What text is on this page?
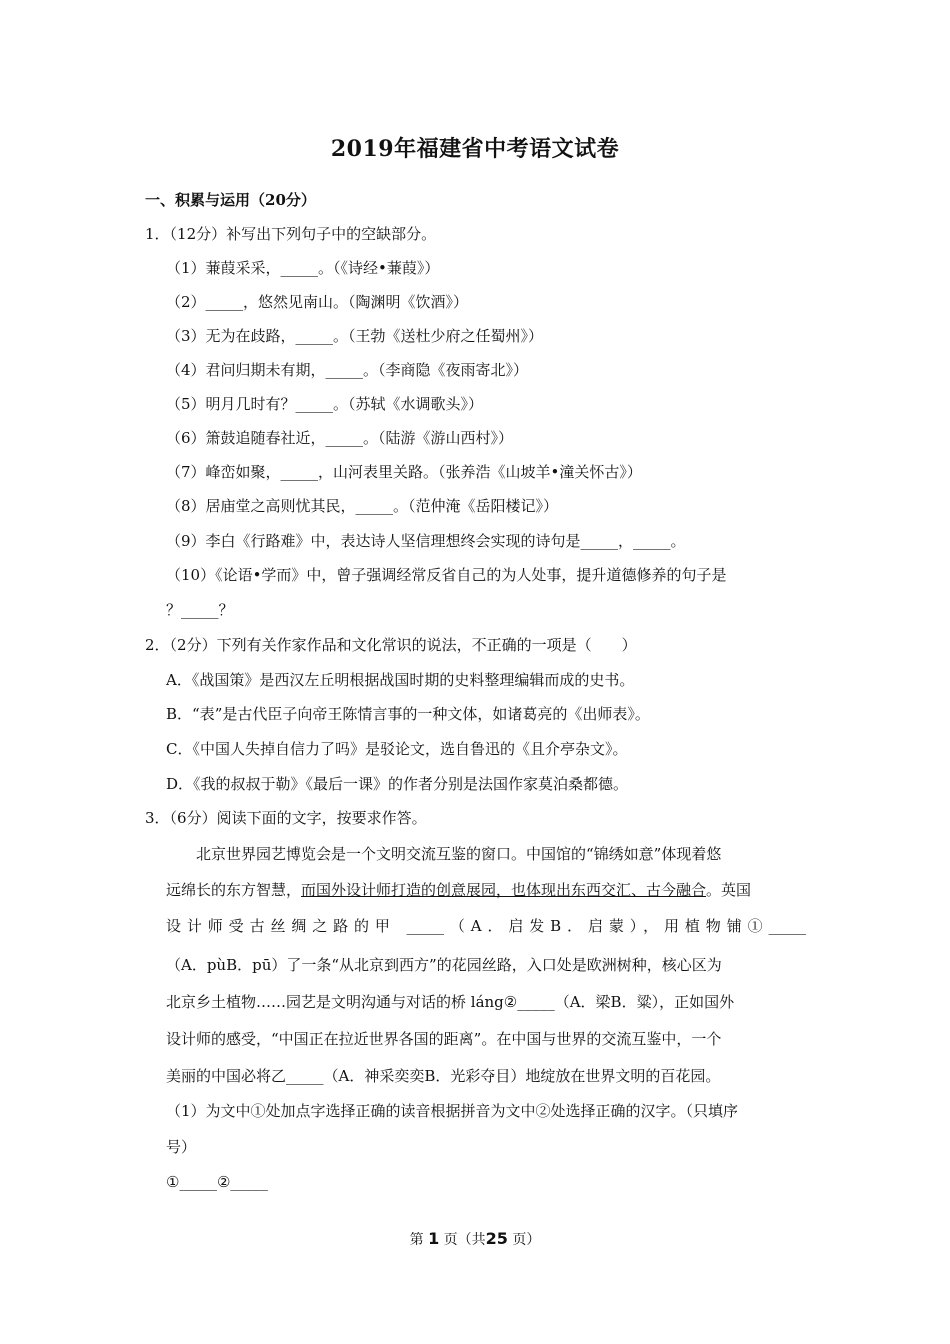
2019年福建省中考语文试卷
一、积累与运用（20分）
1．（12分）补写出下列句子中的空缺部分。
（1）蒹葭采采，_____。（《诗经•蒹葭》）
（2）_____，悠然见南山。（陶渊明《饮酒》）
（3）无为在歧路，_____。（王勃《送杜少府之任蜀州》）
（4）君问归期未有期，_____。（李商隐《夜雨寄北》）
（5）明月几时有？_____。（苏轼《水调歌头》）
（6）箫鼓追随春社近，_____。（陆游《游山西村》）
（7）峰峦如聚，_____，山河表里关路。（张养浩《山坡羊•潼关怀古》）
（8）居庙堂之高则忧其民，_____。（范仲淹《岳阳楼记》）
（9）李白《行路难》中，表达诗人坚信理想终会实现的诗句是_____，_____。
（10）《论语•学而》中，曾子强调经常反省自己的为人处事，提升道德修养的句子是
？_____？
2．（2分）下列有关作家作品和文化常识的说法，不正确的一项是（　　）
A．《战国策》是西汉左丘明根据战国时期的史料整理编辑而成的史书。
B．“表”是古代臣子向帝王陈情言事的一种文体，如诸葛亮的《出师表》。
C．《中国人失掉自信力了吗》是驳论文，选自鲁迅的《且介亭杂文》。
D．《我的叔叔于勒》《最后一课》的作者分别是法国作家莫泊桑都德。
3．（6分）阅读下面的文字，按要求作答。
北京世界园艺博览会是一个文明交流互鉴的窗口。中国馆的“锦绣如意”体现着悠
远绵长的东方智慧，而国外设计师打造的创意展园，也体现出东西交汇、古今融合。英国
设计师受古丝绸之路的甲 _____（A．启发B．启蒙），用植物铺①_____
（A．pùB．pū）了一条“从北京到西方”的花园丝路，入口处是欧洲树种，核心区为
北京乡土植物……园艺是文明沟通与对话的桥 láng②_____（A．梁B．粱），正如国外
设计师的感受，“中国正在拉近世界各国的距离”。在中国与世界的交流互鉴中，一个
美丽的中国必将乙_____（A．神采奕奕B．光彩夺目）地绽放在世界文明的百花园。
（1）为文中①处加点字选择正确的读音根据拼音为文中②处选择正确的汉字。（只填序
号）
①_____②_____
第 1 页（共25 页）
